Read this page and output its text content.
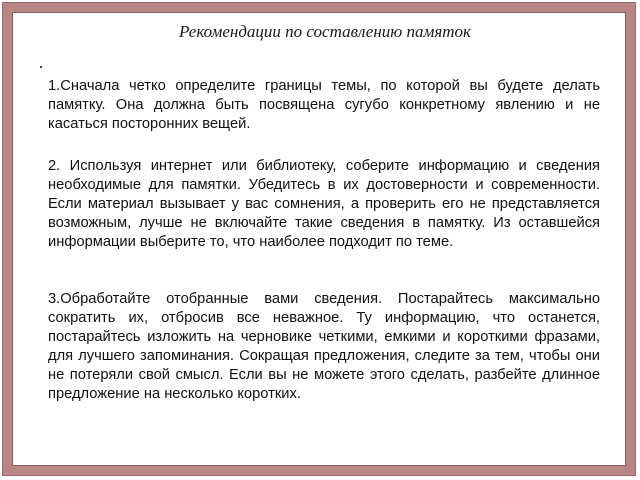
Рекомендации по составлению памяток

1.Сначала четко определите границы темы, по которой вы будете делать памятку. Она должна быть посвящена сугубо конкретному явлению и не касаться посторонних вещей.

2. Используя интернет или библиотеку, соберите информацию и сведения необходимые для памятки. Убедитесь в их достоверности и современности. Если материал вызывает у вас сомнения, а проверить его не представляется возможным, лучше не включайте такие сведения в памятку. Из оставшейся информации выберите то, что наиболее подходит по теме.

3.Обработайте отобранные вами сведения. Постарайтесь максимально сократить их, отбросив все неважное. Ту информацию, что останется, постарайтесь изложить на черновике четкими, емкими и короткими фразами, для лучшего запоминания. Сокращая предложения, следите за тем, чтобы они не потеряли свой смысл. Если вы не можете этого сделать, разбейте длинное предложение на несколько коротких.
